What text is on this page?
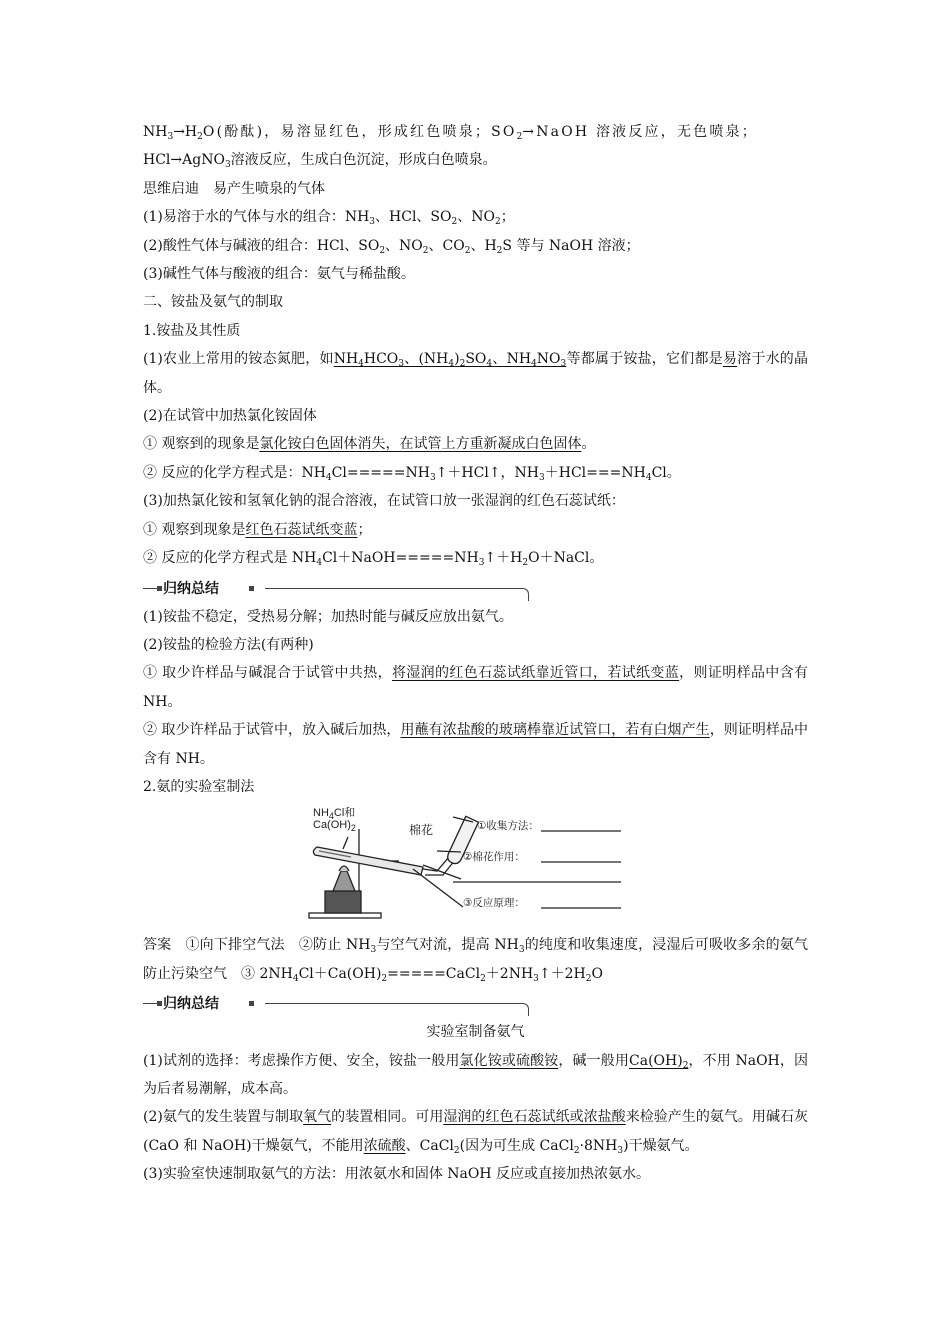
$NH_3\to H_2O$(酚酞)，易溶显红色，形成红色喷泉；$SO_2\to NaOH$ 溶液反应，无色喷泉；
HCl→AgNO$_3$溶液反应，生成白色沉淀，形成白色喷泉。
思维启迪　 易产生喷泉的气体
(1)易溶于水的气体与水的组合：$NH_3$、HCl、$SO_2$、$NO_2$；
(2)酸性气体与碱液的组合：HCl、$SO_2$、$NO_2$、$CO_2$、$H_2S$ 等与 NaOH 溶液；
(3)碱性气体与酸液的组合：氨气与稀盐酸。
二、铵盐及氨气的制取
1.铵盐及其性质
(1)农业上常用的铵态氮肥，如$NH_4HCO_3$、$(NH_4)_2SO_4$、$NH_4NO_3$等都属于铵盐，它们都是易溶于水的晶体。
(2)在试管中加热氯化铵固体
① 观察到的现象是氯化铵白色固体消失，在试管上方重新凝成白色固体。
② 反应的化学方程式是：$NH_4Cl=====NH_3↑+HCl↑$，$NH_3+HCl===NH_4Cl$。
(3)加热氯化铵和氢氧化钠的混合溶液，在试管口放一张湿润的红色石蕊试纸：
① 观察到现象是红色石蕊试纸变蓝；
② 反应的化学方程式是 $NH_4Cl+NaOH=====NH_3↑+H_2O+NaCl$。
归纳总结
(1)铵盐不稳定，受热易分解；加热时能与碱反应放出氨气。
(2)铵盐的检验方法(有两种)
① 取少许样品与碱混合于试管中共热，将湿润的红色石蕊试纸靠近管口，若试纸变蓝，则证明样品中含有 NH。
② 取少许样品于试管中，放入碱后加热，用蘸有浓盐酸的玻璃棒靠近试管口，若有白烟产生，则证明样品中含有 NH。
2.氨的实验室制法
$NH_4Cl$和
$Ca(OH)_2$	棉花	①收集方法：
②棉花作用：
③反应原理：
答案　 ①向下排空气法　②防止 $NH_3$与空气对流，提高 $NH_3$的纯度和收集速度，浸湿后可吸收多余的氨气防止污染空气　③ $2NH_4Cl+Ca(OH)_2=====CaCl_2+2NH_3↑+2H_2O$
归纳总结
实验室制备氨气
(1)试剂的选择：考虑操作方便、安全，铵盐一般用氯化铵或硫酸铵，碱一般用$Ca(OH)_2$，不用 NaOH，因为后者易潮解，成本高。
(2)氨气的发生装置与制取氧气的装置相同。可用湿润的红色石蕊试纸或浓盐酸来检验产生的氨气。用碱石灰(CaO 和 NaOH)干燥氨气，不能用浓硫酸、CaCl$_2$(因为可生成 $CaCl_2\cdot 8NH_3$)干燥氨气。
(3)实验室快速制取氨气的方法：用浓氨水和固体 NaOH 反应或直接加热浓氨水。
